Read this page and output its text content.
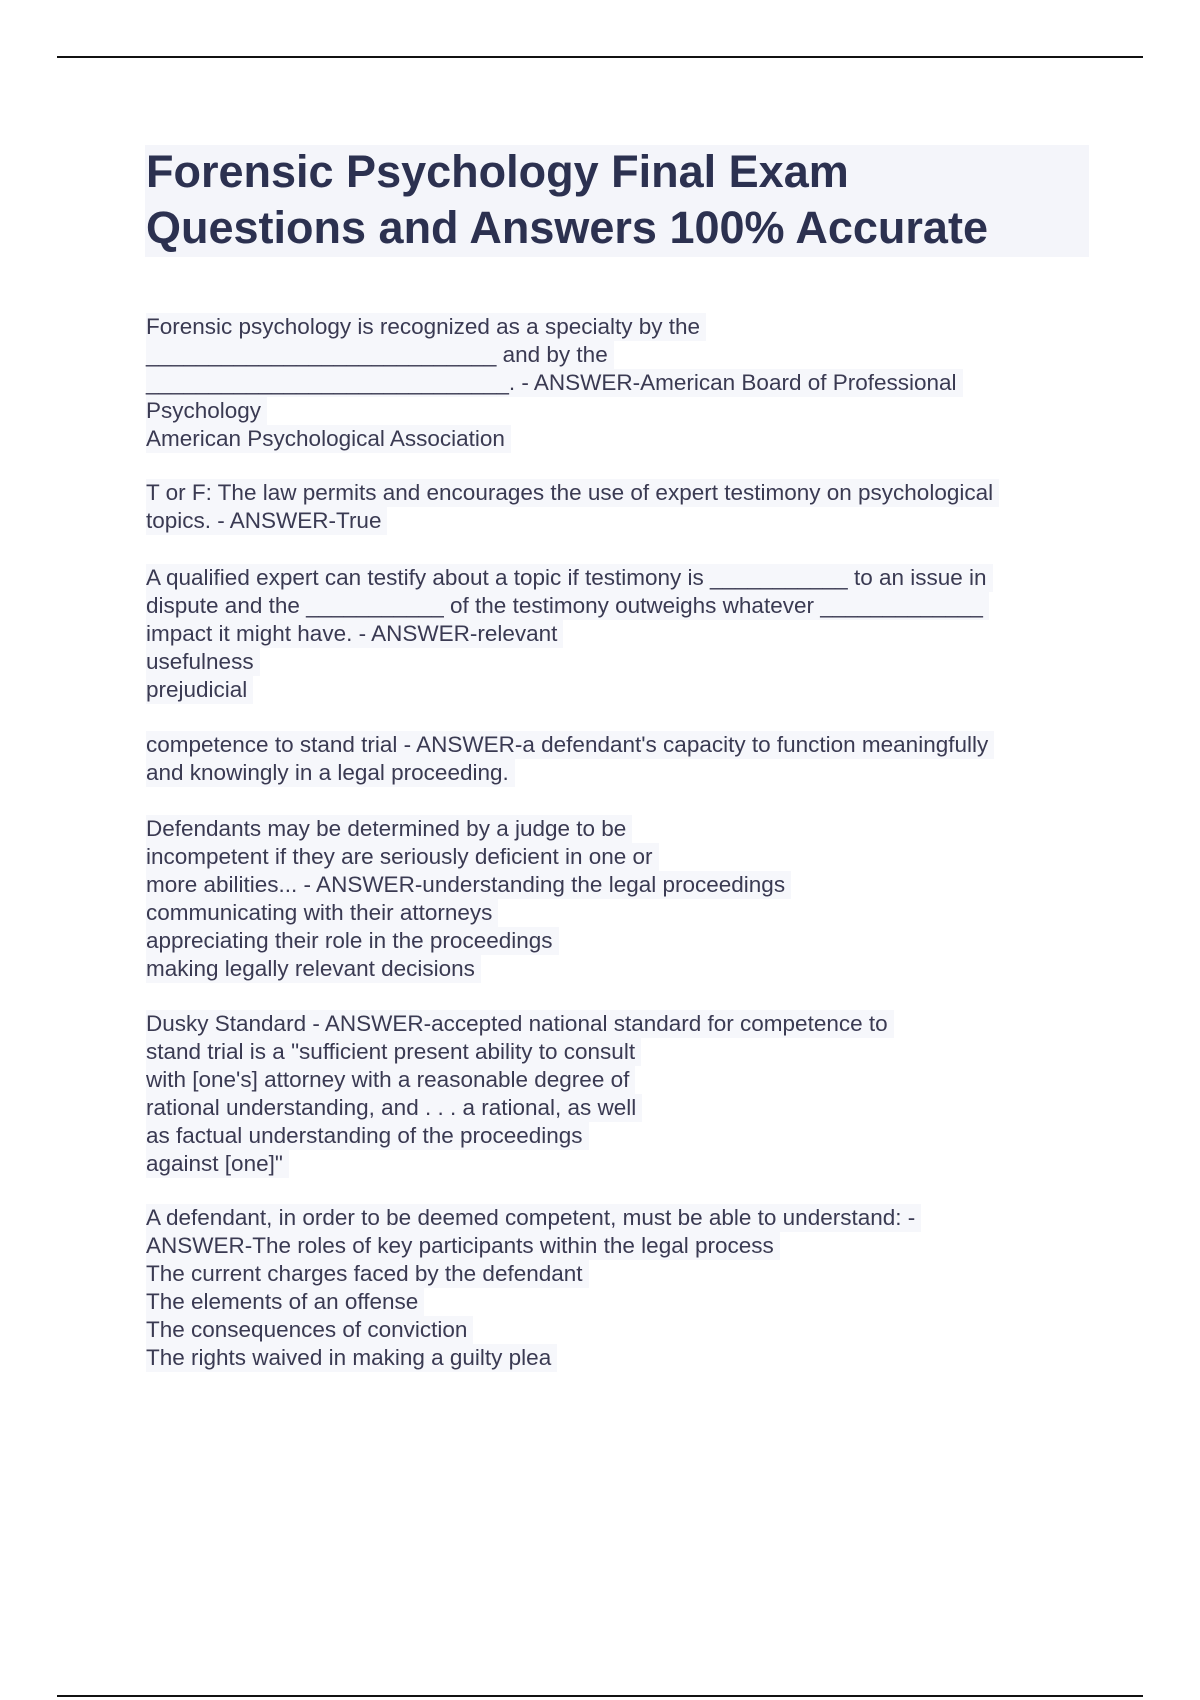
Forensic Psychology Final Exam
Questions and Answers 100% Accurate
Forensic psychology is recognized as a specialty by the
____________________________ and by the
_____________________________. - ANSWER-American Board of Professional
Psychology
American Psychological Association
T or F: The law permits and encourages the use of expert testimony on psychological
topics. - ANSWER-True
A qualified expert can testify about a topic if testimony is ___________ to an issue in
dispute and the ___________ of the testimony outweighs whatever _____________
impact it might have. - ANSWER-relevant
usefulness
prejudicial
competence to stand trial - ANSWER-a defendant's capacity to function meaningfully
and knowingly in a legal proceeding.
Defendants may be determined by a judge to be
incompetent if they are seriously deficient in one or
more abilities... - ANSWER-understanding the legal proceedings
communicating with their attorneys
appreciating their role in the proceedings
making legally relevant decisions
Dusky Standard - ANSWER-accepted national standard for competence to
stand trial is a "sufficient present ability to consult
with [one's] attorney with a reasonable degree of
rational understanding, and . . . a rational, as well
as factual understanding of the proceedings
against [one]"
A defendant, in order to be deemed competent, must be able to understand: -
ANSWER-The roles of key participants within the legal process
The current charges faced by the defendant
The elements of an offense
The consequences of conviction
The rights waived in making a guilty plea
